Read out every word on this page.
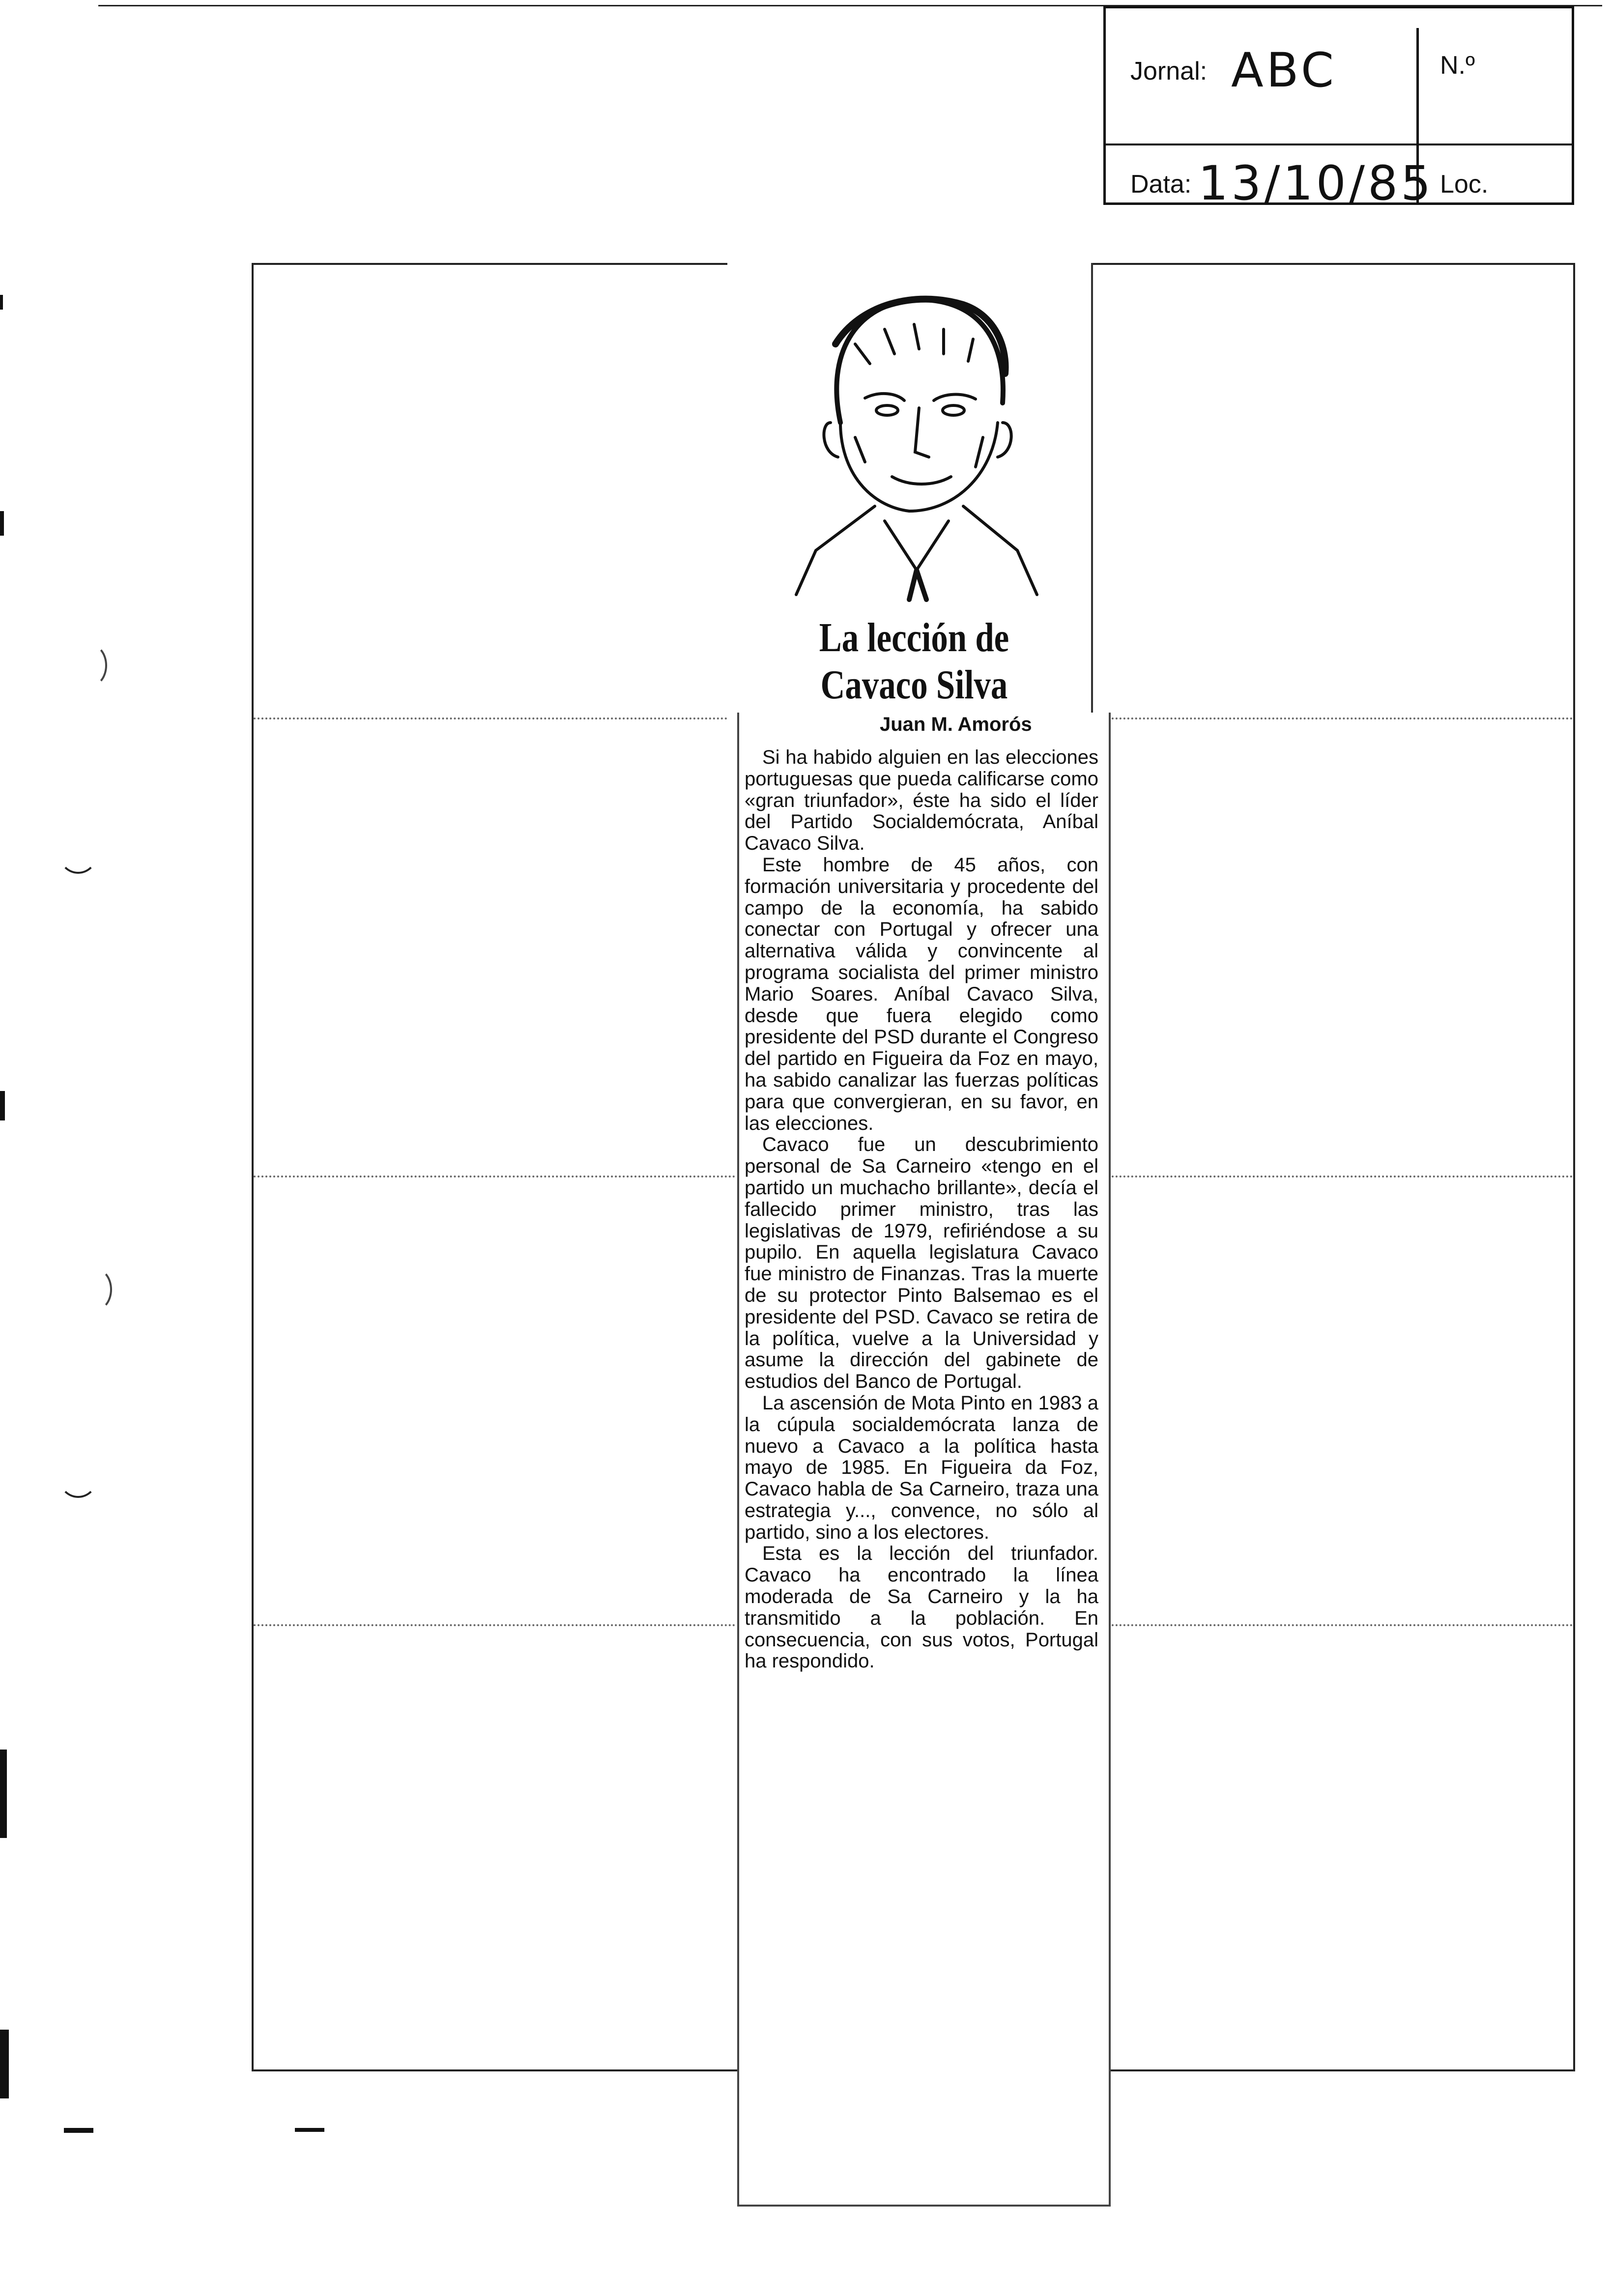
Jornal: ABC	N.º
Data: 13/10/85 Loc.
La lección de Cavaco Silva
Juan M. Amorós

Si ha habido alguien en las elecciones portuguesas que pueda calificarse como «gran triunfador», éste ha sido el líder del Partido Socialdemócrata, Aníbal Cavaco Silva.

Este hombre de 45 años, con formación universitaria y procedente del campo de la economía, ha sabido conectar con Portugal y ofrecer una alternativa válida y convincente al programa socialista del primer ministro Mario Soares. Aníbal Cavaco Silva, desde que fuera elegido como presidente del PSD durante el Congreso del partido en Figueira da Foz en mayo, ha sabido canalizar las fuerzas políticas para que convergieran, en su favor, en las elecciones.

Cavaco fue un descubrimiento personal de Sa Carneiro «tengo en el partido un muchacho brillante», decía el fallecido primer ministro, tras las legislativas de 1979, refiriéndose a su pupilo. En aquella legislatura Cavaco fue ministro de Finanzas. Tras la muerte de su protector Pinto Balsemao es el presidente del PSD. Cavaco se retira de la política, vuelve a la Universidad y asume la dirección del gabinete de estudios del Banco de Portugal.

La ascensión de Mota Pinto en 1983 a la cúpula socialdemócrata lanza de nuevo a Cavaco a la política hasta mayo de 1985. En Figueira da Foz, Cavaco habla de Sa Carneiro, traza una estrategia y..., convence, no sólo al partido, sino a los electores.

Esta es la lección del triunfador. Cavaco ha encontrado la línea moderada de Sa Carneiro y la ha transmitido a la población. En consecuencia, con sus votos, Portugal ha respondido.
